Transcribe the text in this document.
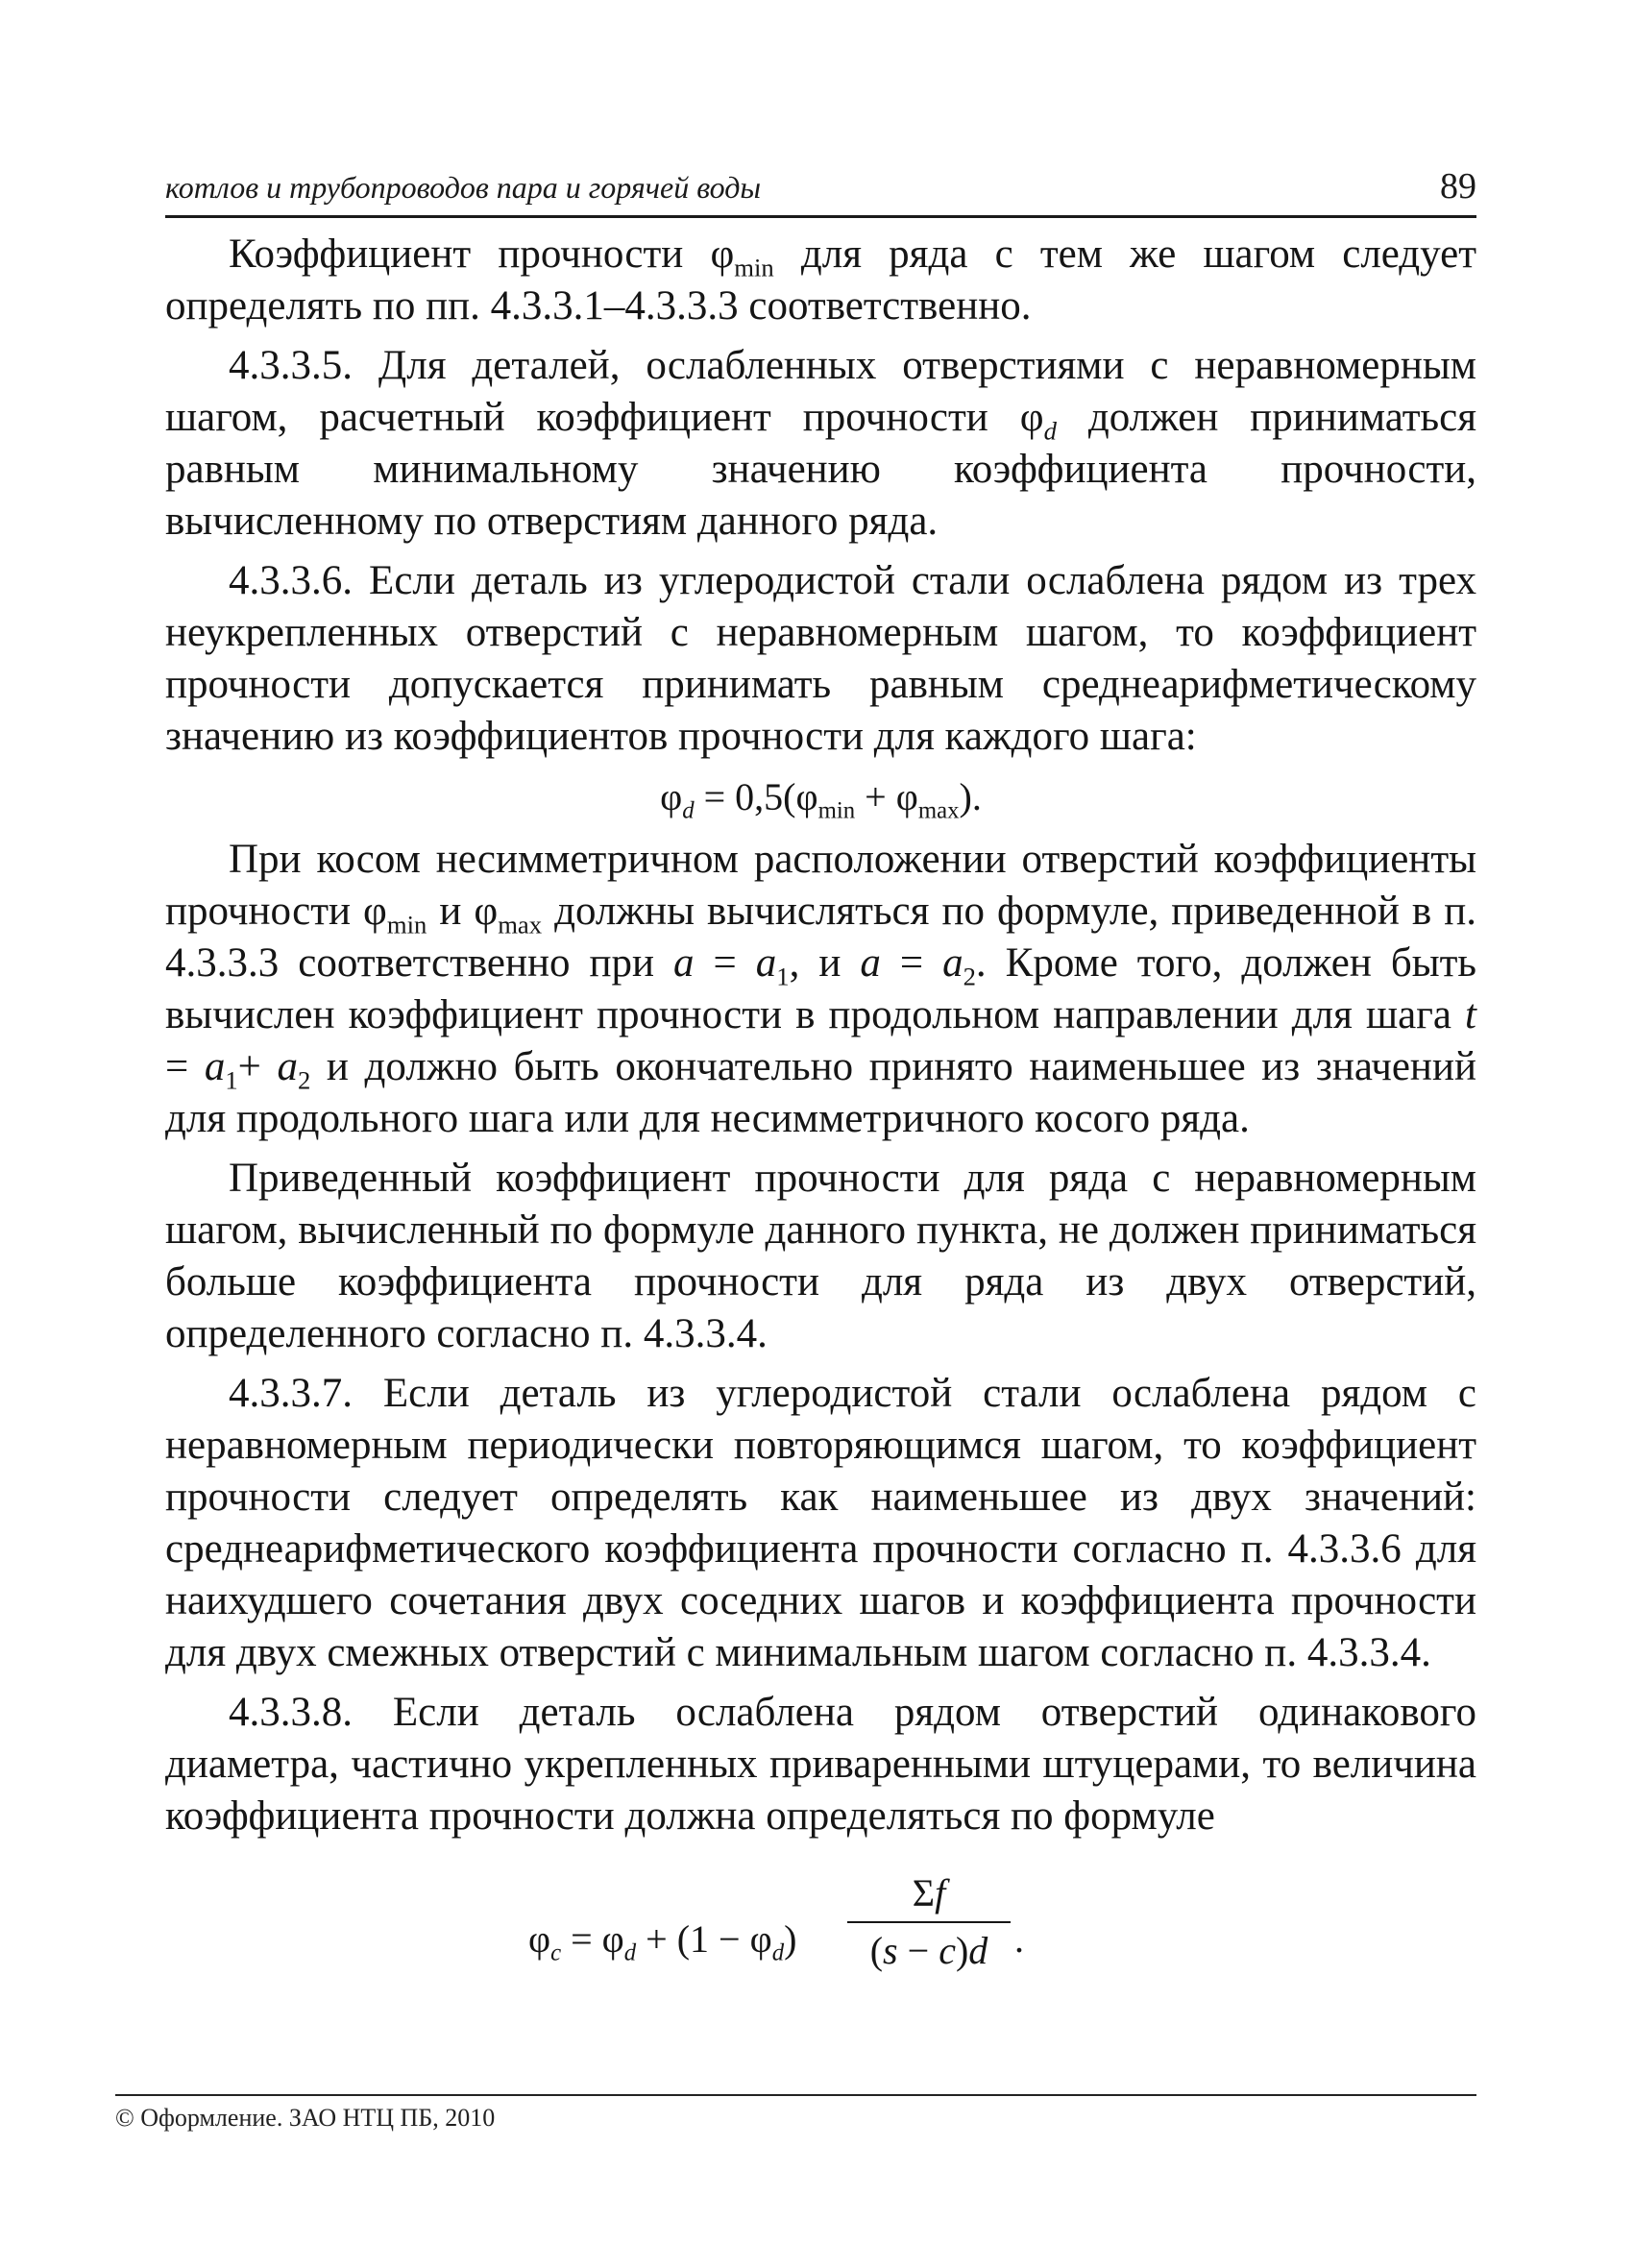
котлов и трубопроводов пара и горячей воды	89

Коэффициент прочности $\varphi_{min}$ для ряда с тем же шагом следует определять по пп. 4.3.3.1–4.3.3.3 соответственно.

4.3.3.5. Для деталей, ослабленных отверстиями с неравномерным шагом, расчетный коэффициент прочности $\varphi_d$ должен приниматься равным минимальному значению коэффициента прочности, вычисленному по отверстиям данного ряда.

4.3.3.6. Если деталь из углеродистой стали ослаблена рядом из трех неукрепленных отверстий с неравномерным шагом, то коэффициент прочности допускается принимать равным среднеарифметическому значению из коэффициентов прочности для каждого шага:

$\varphi_d = 0,5(\varphi_{min} + \varphi_{max})$.

При косом несимметричном расположении отверстий коэффициенты прочности $\varphi_{min}$ и $\varphi_{max}$ должны вычисляться по формуле, приведенной в п. 4.3.3.3 соответственно при $a = a_1$, и $a = a_2$. Кроме того, должен быть вычислен коэффициент прочности в продольном направлении для шага $t = a_1+ a_2$ и должно быть окончательно принято наименьшее из значений для продольного шага или для несимметричного косого ряда.

Приведенный коэффициент прочности для ряда с неравномерным шагом, вычисленный по формуле данного пункта, не должен приниматься больше коэффициента прочности для ряда из двух отверстий, определенного согласно п. 4.3.3.4.

4.3.3.7. Если деталь из углеродистой стали ослаблена рядом с неравномерным периодически повторяющимся шагом, то коэффициент прочности следует определять как наименьшее из двух значений: среднеарифметического коэффициента прочности согласно п. 4.3.3.6 для наихудшего сочетания двух соседних шагов и коэффициента прочности для двух смежных отверстий с минимальным шагом согласно п. 4.3.3.4.

4.3.3.8. Если деталь ослаблена рядом отверстий одинакового диаметра, частично укрепленных приваренными штуцерами, то величина коэффициента прочности должна определяться по формуле

$\varphi_c = \varphi_d + (1 - \varphi_d) \frac{\Sigma f}{(s - c)d}$ .
© Оформление. ЗАО НТЦ ПБ, 2010
